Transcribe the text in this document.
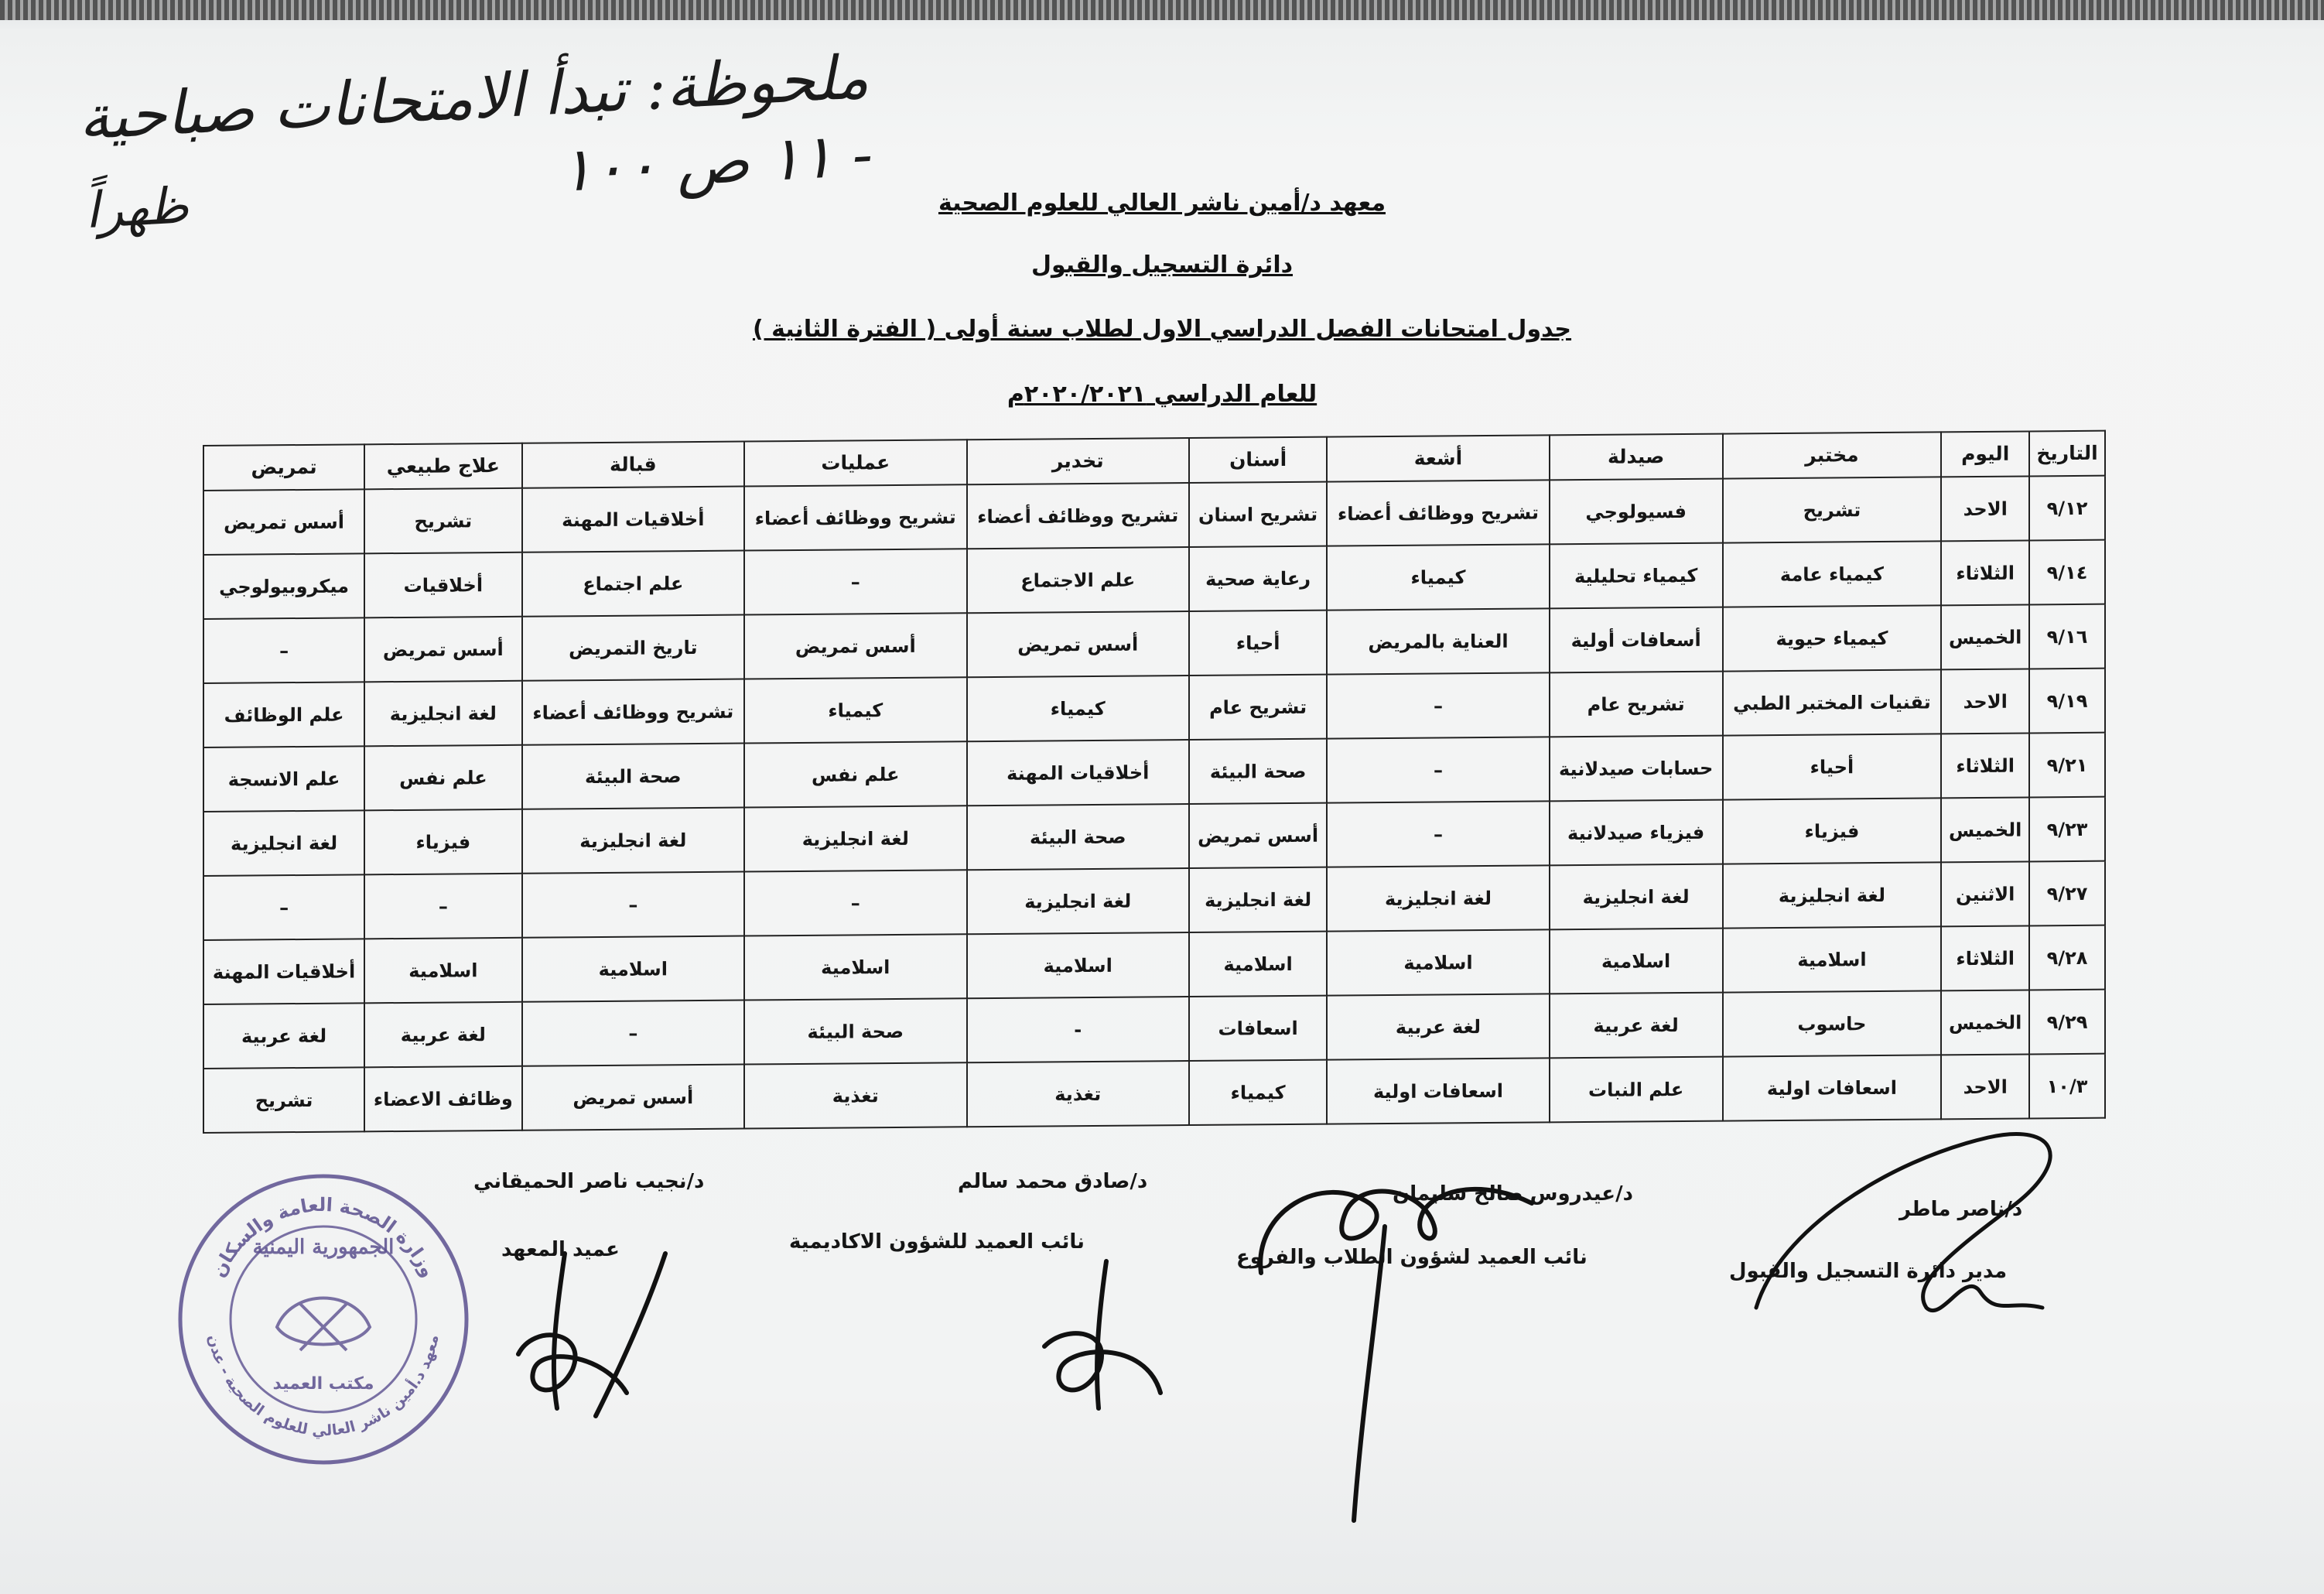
ملحوظة: تبدأ الامتحانات صباحية - ١١ ص ١٠٠
ظهراً	معهد د/أمين ناشر العالي للعلوم الصحية
دائرة التسجيل والقبول
جدول امتحانات الفصل الدراسي الاول لطلاب سنة أولى ( الفترة الثانية )
للعام الدراسي ٢٠٢٠/٢٠٢١م
التاريخ	اليوم	مختبر	صيدلة	أشعة	أسنان	تخدير	عمليات	قبالة	علاج طبيعي	تمريض
٩/١٢	الاحد	تشريح	فسيولوجي	تشريح ووظائف أعضاء	تشريح اسنان	تشريح ووظائف أعضاء	تشريح ووظائف أعضاء	أخلاقيات المهنة	تشريح	أسس تمريض
٩/١٤	الثلاثاء	كيمياء عامة	كيمياء تحليلية	كيمياء	رعاية صحية	علم الاجتماع	–	علم اجتماع	أخلاقيات	ميكروبيولوجي
٩/١٦	الخميس	كيمياء حيوية	أسعافات أولية	العناية بالمريض	أحياء	أسس تمريض	أسس تمريض	تاريخ التمريض	أسس تمريض	–
٩/١٩	الاحد	تقنيات المختبر الطبي	تشريح عام	–	تشريح عام	كيمياء	كيمياء	تشريح ووظائف أعضاء	لغة انجليزية	علم الوظائف
٩/٢١	الثلاثاء	أحياء	حسابات صيدلانية	–	صحة البيئة	أخلاقيات المهنة	علم نفس	صحة البيئة	علم نفس	علم الانسجة
٩/٢٣	الخميس	فيزياء	فيزياء صيدلانية	–	أسس تمريض	صحة البيئة	لغة انجليزية	لغة انجليزية	فيزياء	لغة انجليزية
٩/٢٧	الاثنين	لغة انجليزية	لغة انجليزية	لغة انجليزية	لغة انجليزية	لغة انجليزية	–	–	–	–
٩/٢٨	الثلاثاء	اسلامية	اسلامية	اسلامية	اسلامية	اسلامية	اسلامية	اسلامية	اسلامية	أخلاقيات المهنة
٩/٢٩	الخميس	حاسوب	لغة عربية	لغة عربية	اسعافات	-	صحة البيئة	–	لغة عربية	لغة عربية
١٠/٣	الاحد	اسعافات اولية	علم النبات	اسعافات اولية	كيمياء	تغذية	تغذية	أسس تمريض	وظائف الاعضاء	تشريح
د/ناصر ماطر
مدير دائرة التسجيل والقبول
د/عيدروس صالح سليمان
نائب العميد لشؤون الطلاب والفروع
د/صادق محمد سالم
نائب العميد للشؤون الاكاديمية
د/نجيب ناصر الحميقاني
عميد المعهد
وزارة الصحة العامة والسكان
معهد د.أمين ناشر العالي للعلوم الصحية - عدن
الجمهورية اليمنية
مكتب العميد
